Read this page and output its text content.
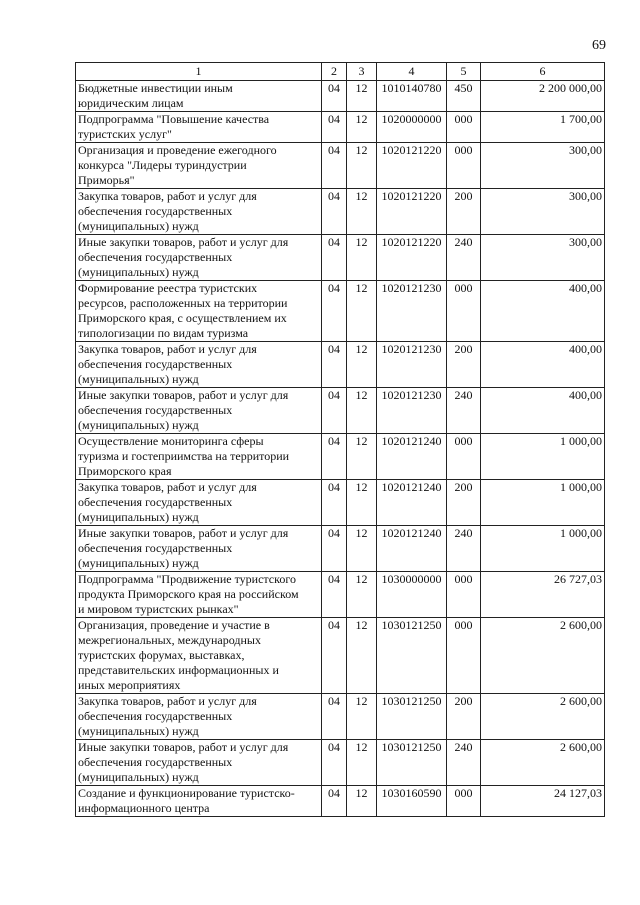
69
1	2	3	4	5	6
Бюджетные инвестиции иным
юридическим лицам	04	12	1010140780	450	2 200 000,00
Подпрограмма "Повышение качества
туристских услуг"	04	12	1020000000	000	1 700,00
Организация и проведение ежегодного
конкурса "Лидеры туриндустрии
Приморья"	04	12	1020121220	000	300,00
Закупка товаров, работ и услуг для
обеспечения государственных
(муниципальных) нужд	04	12	1020121220	200	300,00
Иные закупки товаров, работ и услуг для
обеспечения государственных
(муниципальных) нужд	04	12	1020121220	240	300,00
Формирование реестра туристских
ресурсов, расположенных на территории
Приморского края, с осуществлением их
типологизации по видам туризма	04	12	1020121230	000	400,00
Закупка товаров, работ и услуг для
обеспечения государственных
(муниципальных) нужд	04	12	1020121230	200	400,00
Иные закупки товаров, работ и услуг для
обеспечения государственных
(муниципальных) нужд	04	12	1020121230	240	400,00
Осуществление мониторинга сферы
туризма и гостеприимства на территории
Приморского края	04	12	1020121240	000	1 000,00
Закупка товаров, работ и услуг для
обеспечения государственных
(муниципальных) нужд	04	12	1020121240	200	1 000,00
Иные закупки товаров, работ и услуг для
обеспечения государственных
(муниципальных) нужд	04	12	1020121240	240	1 000,00
Подпрограмма "Продвижение туристского
продукта Приморского края на российском
и мировом туристских рынках"	04	12	1030000000	000	26 727,03
Организация, проведение и участие в
межрегиональных, международных
туристских форумах, выставках,
представительских информационных и
иных мероприятиях	04	12	1030121250	000	2 600,00
Закупка товаров, работ и услуг для
обеспечения государственных
(муниципальных) нужд	04	12	1030121250	200	2 600,00
Иные закупки товаров, работ и услуг для
обеспечения государственных
(муниципальных) нужд	04	12	1030121250	240	2 600,00
Создание и функционирование туристско-
информационного центра	04	12	1030160590	000	24 127,03
